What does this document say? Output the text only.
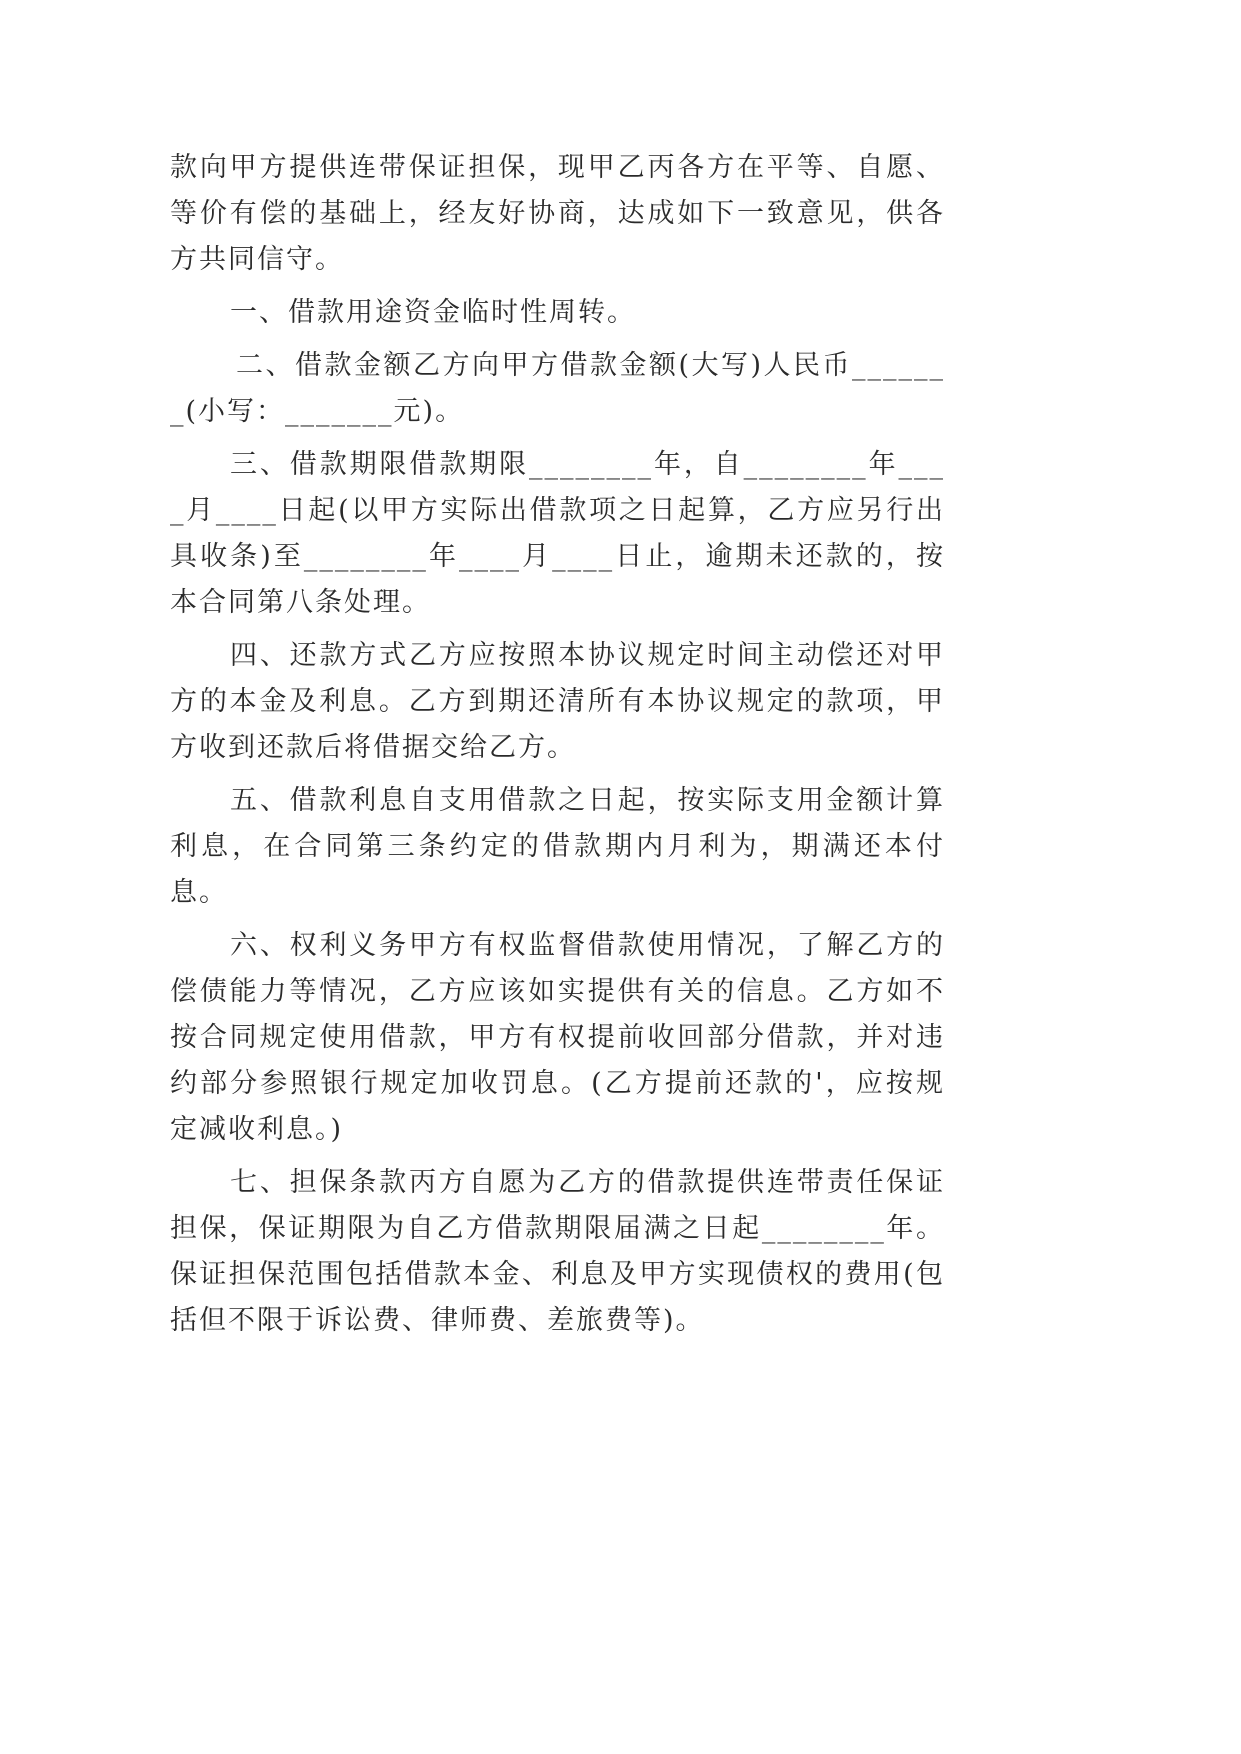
款向甲方提供连带保证担保，现甲乙丙各方在平等、自愿、等价有偿的基础上，经友好协商，达成如下一致意见，供各方共同信守。

一、借款用途资金临时性周转。

二、借款金额乙方向甲方借款金额(大写)人民币_______(小写：_______元)。

三、借款期限借款期限________年，自________年____月____日起(以甲方实际出借款项之日起算，乙方应另行出具收条)至________年____月____日止，逾期未还款的，按本合同第八条处理。

四、还款方式乙方应按照本协议规定时间主动偿还对甲方的本金及利息。乙方到期还清所有本协议规定的款项，甲方收到还款后将借据交给乙方。

五、借款利息自支用借款之日起，按实际支用金额计算利息，在合同第三条约定的借款期内月利为，期满还本付息。

六、权利义务甲方有权监督借款使用情况，了解乙方的偿债能力等情况，乙方应该如实提供有关的信息。乙方如不按合同规定使用借款，甲方有权提前收回部分借款，并对违约部分参照银行规定加收罚息。(乙方提前还款的'，应按规定减收利息。)

七、担保条款丙方自愿为乙方的借款提供连带责任保证担保，保证期限为自乙方借款期限届满之日起________年。保证担保范围包括借款本金、利息及甲方实现债权的费用(包括但不限于诉讼费、律师费、差旅费等)。
